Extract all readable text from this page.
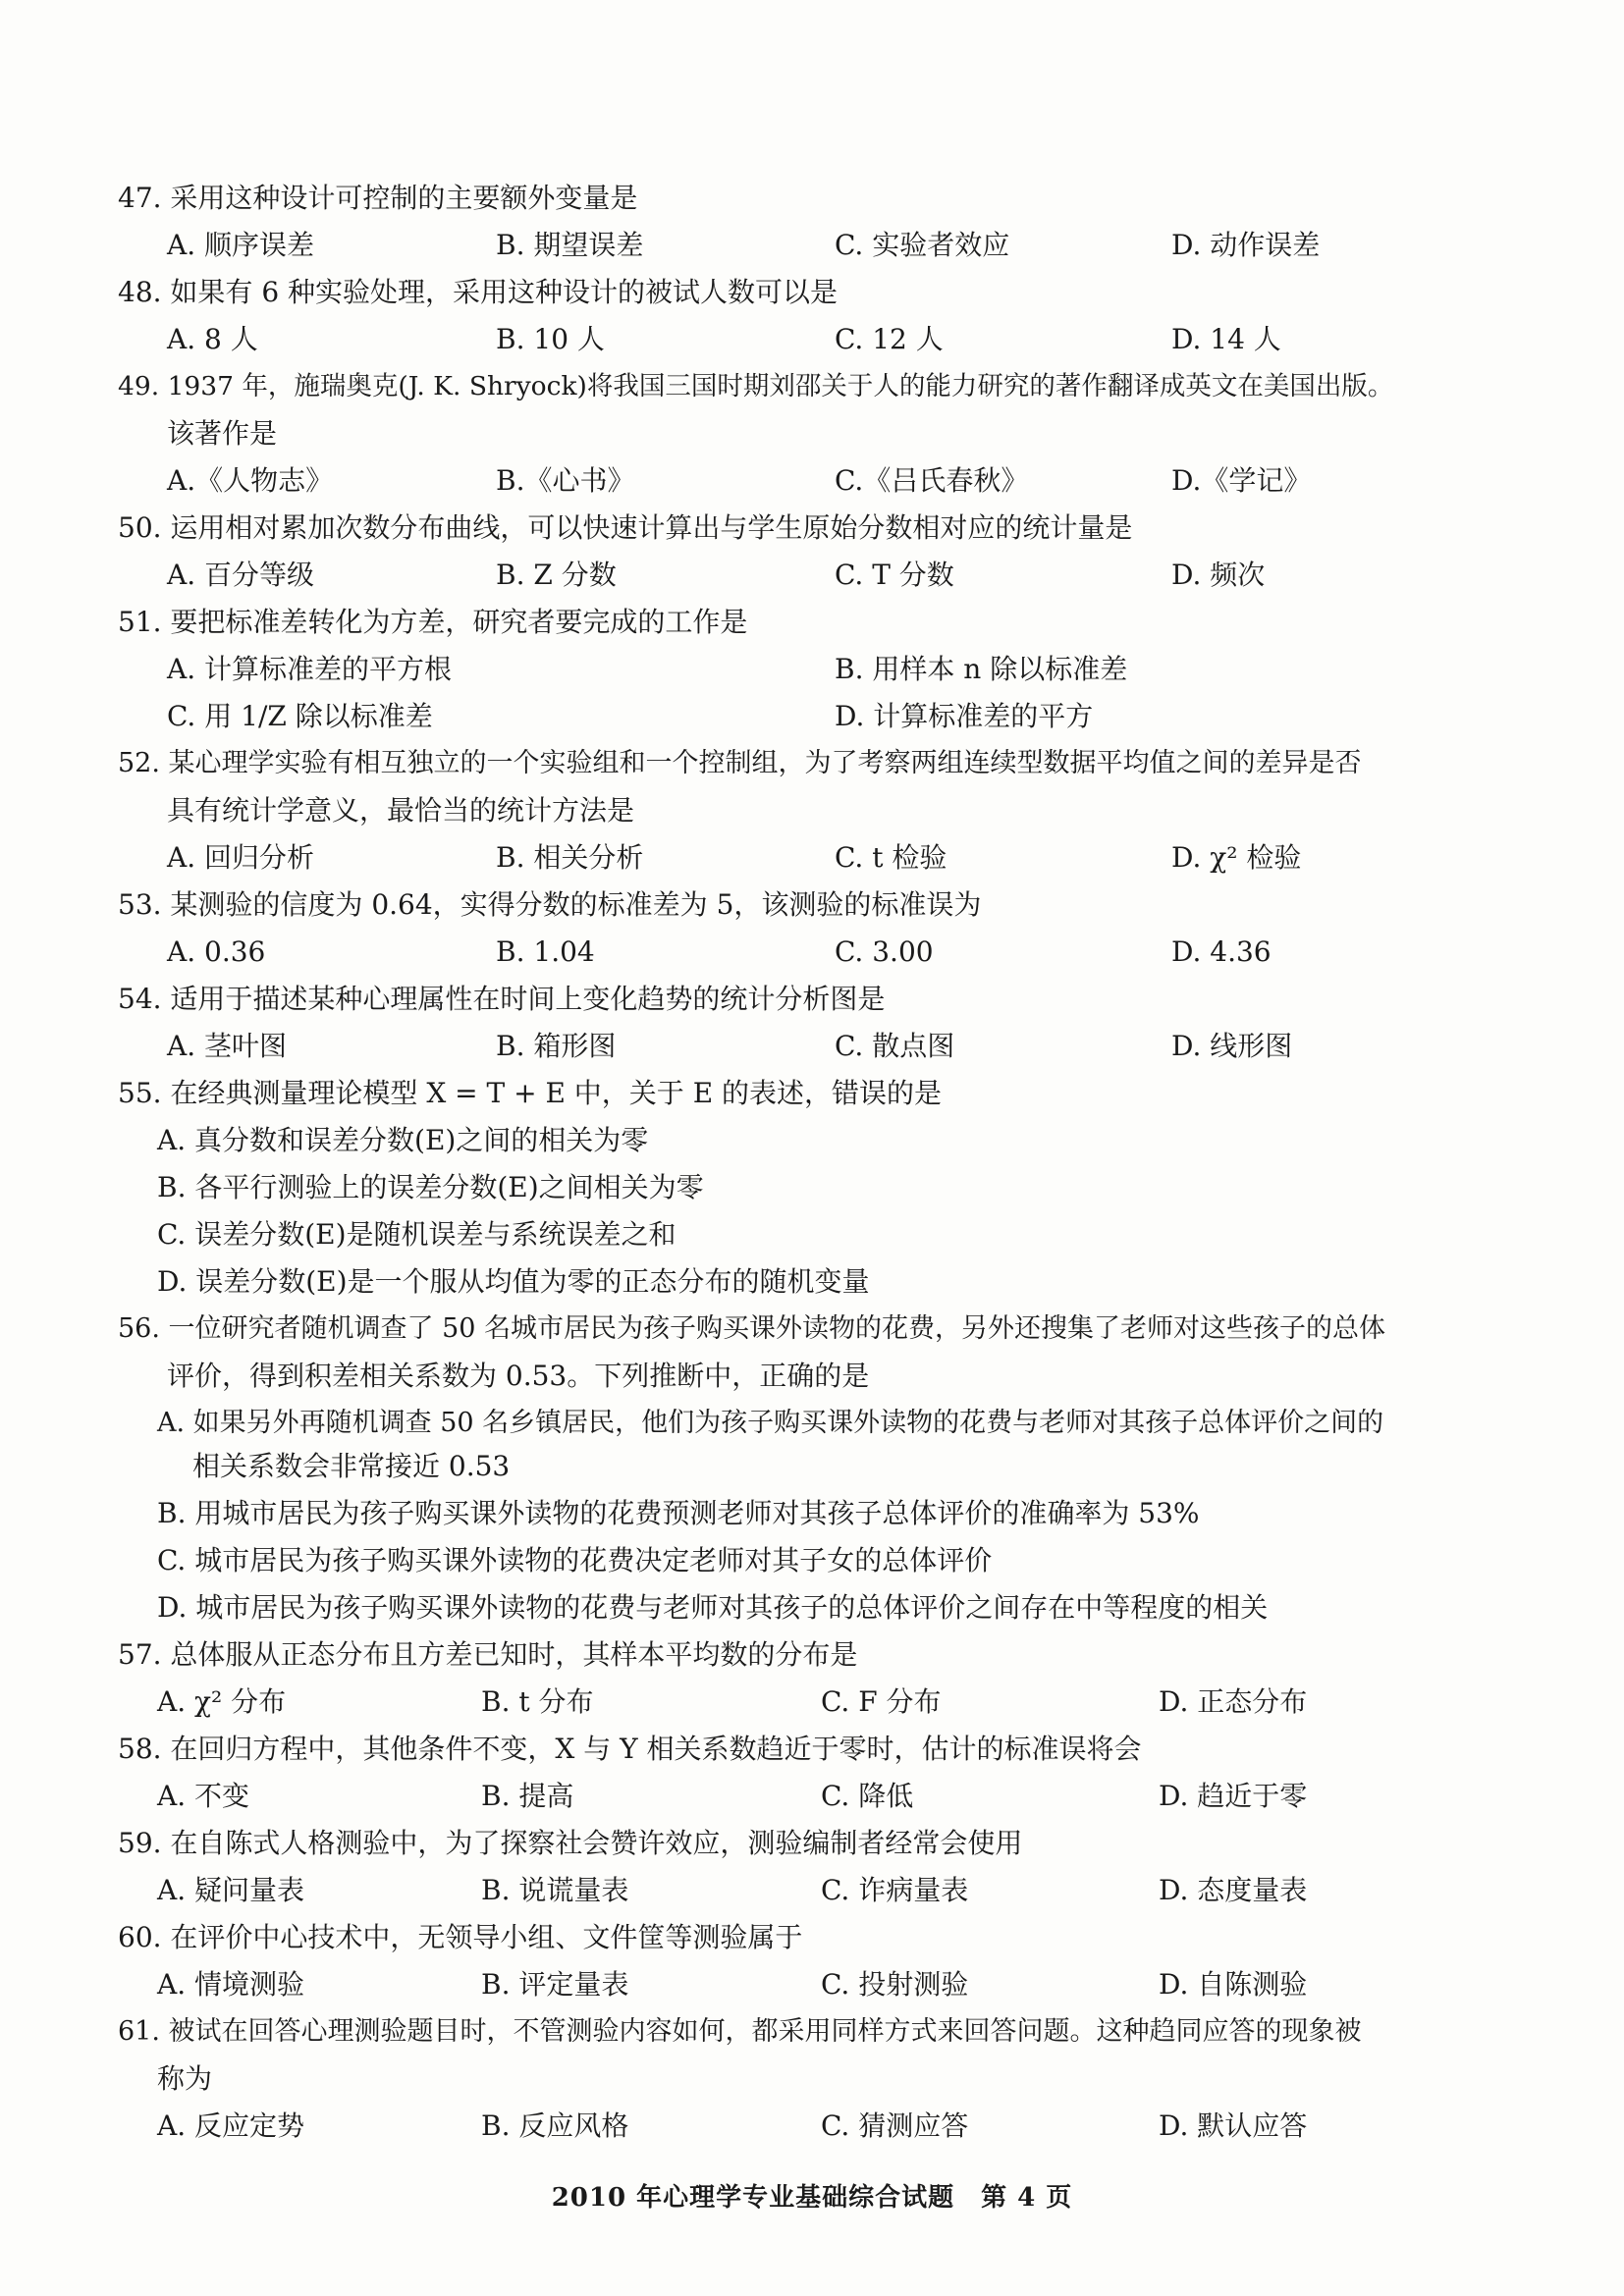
47. 采用这种设计可控制的主要额外变量是
A. 顺序误差	B. 期望误差	C. 实验者效应	D. 动作误差
48. 如果有 6 种实验处理，采用这种设计的被试人数可以是
A. 8 人	B. 10 人	C. 12 人	D. 14 人
49. 1937 年，施瑞奥克(J. K. Shryock)将我国三国时期刘邵关于人的能力研究的著作翻译成英文在美国出版。
该著作是
A.《人物志》	B.《心书》	C.《吕氏春秋》	D.《学记》
50. 运用相对累加次数分布曲线，可以快速计算出与学生原始分数相对应的统计量是
A. 百分等级	B. Z 分数	C. T 分数	D. 频次
51. 要把标准差转化为方差，研究者要完成的工作是
A. 计算标准差的平方根	B. 用样本 n 除以标准差
C. 用 1/Z 除以标准差	D. 计算标准差的平方
52. 某心理学实验有相互独立的一个实验组和一个控制组，为了考察两组连续型数据平均值之间的差异是否
具有统计学意义，最恰当的统计方法是
A. 回归分析	B. 相关分析	C. t 检验	D. χ² 检验
53. 某测验的信度为 0.64，实得分数的标准差为 5，该测验的标准误为
A. 0.36	B. 1.04	C. 3.00	D. 4.36
54. 适用于描述某种心理属性在时间上变化趋势的统计分析图是
A. 茎叶图	B. 箱形图	C. 散点图	D. 线形图
55. 在经典测量理论模型 X = T + E 中，关于 E 的表述，错误的是
A. 真分数和误差分数(E)之间的相关为零
B. 各平行测验上的误差分数(E)之间相关为零
C. 误差分数(E)是随机误差与系统误差之和
D. 误差分数(E)是一个服从均值为零的正态分布的随机变量
56. 一位研究者随机调查了 50 名城市居民为孩子购买课外读物的花费，另外还搜集了老师对这些孩子的总体
评价，得到积差相关系数为 0.53。下列推断中，正确的是
A. 如果另外再随机调查 50 名乡镇居民，他们为孩子购买课外读物的花费与老师对其孩子总体评价之间的
相关系数会非常接近 0.53
B. 用城市居民为孩子购买课外读物的花费预测老师对其孩子总体评价的准确率为 53%
C. 城市居民为孩子购买课外读物的花费决定老师对其子女的总体评价
D. 城市居民为孩子购买课外读物的花费与老师对其孩子的总体评价之间存在中等程度的相关
57. 总体服从正态分布且方差已知时，其样本平均数的分布是
A. χ² 分布	B. t 分布	C. F 分布	D. 正态分布
58. 在回归方程中，其他条件不变，X 与 Y 相关系数趋近于零时，估计的标准误将会
A. 不变	B. 提高	C. 降低	D. 趋近于零
59. 在自陈式人格测验中，为了探察社会赞许效应，测验编制者经常会使用
A. 疑问量表	B. 说谎量表	C. 诈病量表	D. 态度量表
60. 在评价中心技术中，无领导小组、文件筐等测验属于
A. 情境测验	B. 评定量表	C. 投射测验	D. 自陈测验
61. 被试在回答心理测验题目时，不管测验内容如何，都采用同样方式来回答问题。这种趋同应答的现象被
称为
A. 反应定势	B. 反应风格	C. 猜测应答	D. 默认应答
2010 年心理学专业基础综合试题　第 4 页
